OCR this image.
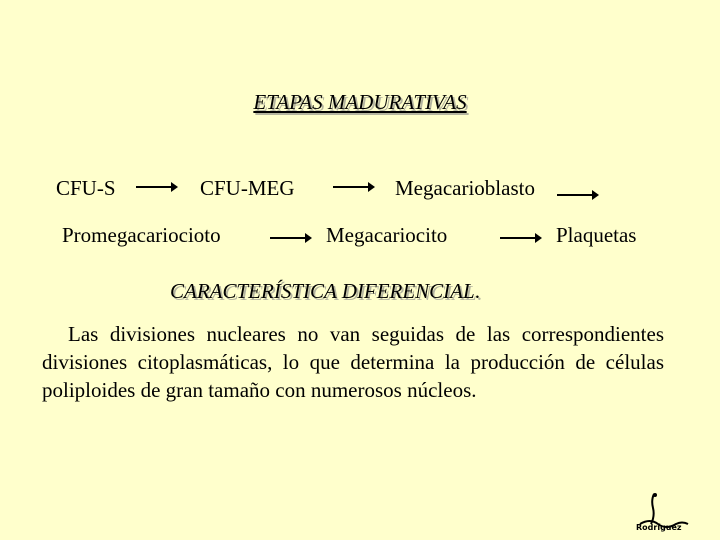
ETAPAS MADURATIVAS
CFU-S	CFU-MEG	Megacarioblasto
Promegacariocioto	Megacariocito	Plaquetas
CARACTERÍSTICA DIFERENCIAL.

Las divisiones nucleares no van seguidas de las correspondientes divisiones citoplasmáticas, lo que determina la producción de células poliploides de gran tamaño con numerosos núcleos.

Rodríguez
